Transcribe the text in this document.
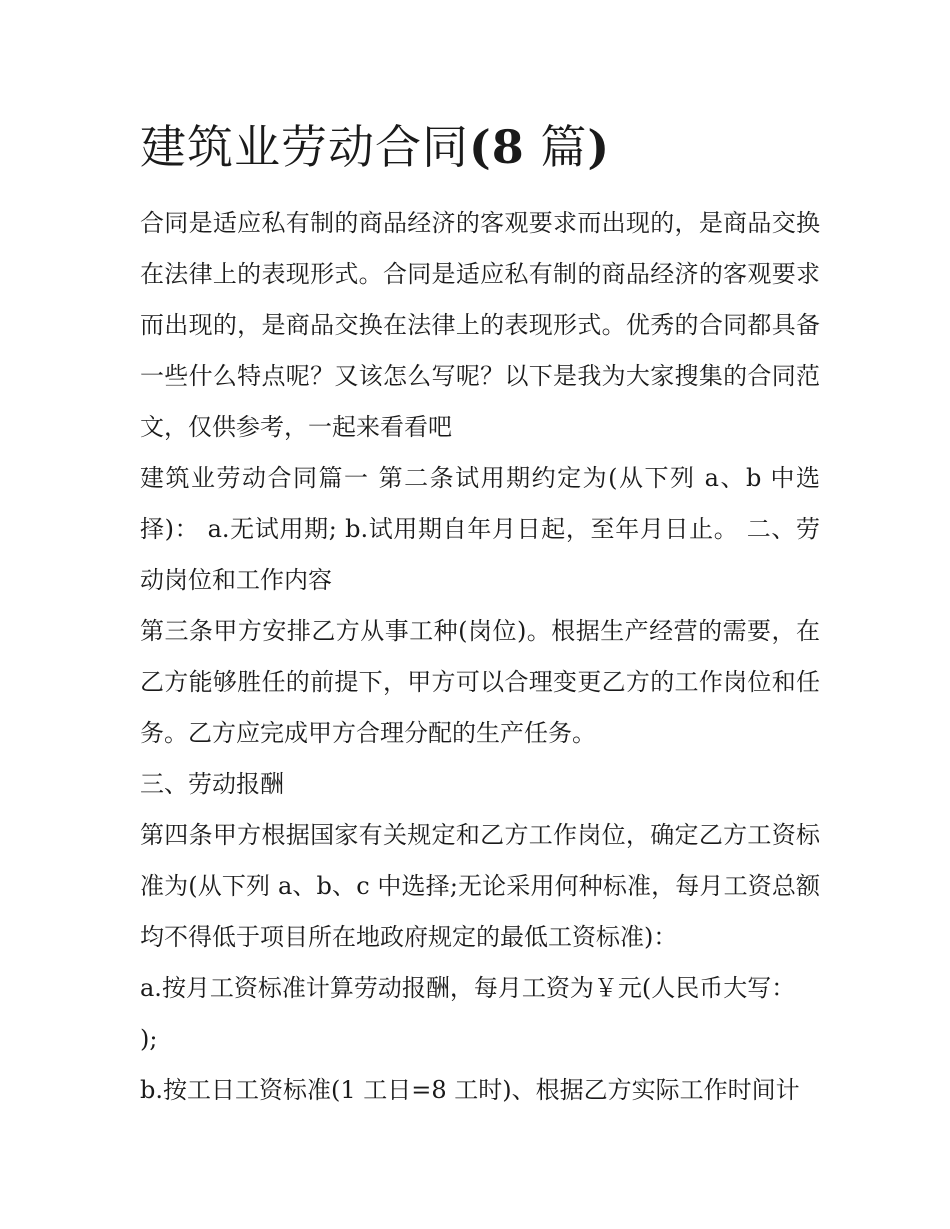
建筑业劳动合同(8 篇)

合同是适应私有制的商品经济的客观要求而出现的，是商品交换在法律上的表现形式。合同是适应私有制的商品经济的客观要求而出现的，是商品交换在法律上的表现形式。优秀的合同都具备一些什么特点呢？又该怎么写呢？以下是我为大家搜集的合同范文，仅供参考，一起来看看吧

建筑业劳动合同篇一 第二条试用期约定为(从下列 a、b 中选择)： a.无试用期; b.试用期自年月日起，至年月日止。 二、劳动岗位和工作内容

第三条甲方安排乙方从事工种(岗位)。根据生产经营的需要，在乙方能够胜任的前提下，甲方可以合理变更乙方的工作岗位和任务。乙方应完成甲方合理分配的生产任务。

三、劳动报酬

第四条甲方根据国家有关规定和乙方工作岗位，确定乙方工资标准为(从下列 a、b、c 中选择;无论采用何种标准，每月工资总额均不得低于项目所在地政府规定的最低工资标准)：

a.按月工资标准计算劳动报酬，每月工资为￥元(人民币大写： );

b.按工日工资标准(1 工日=8 工时)、根据乙方实际工作时间计
